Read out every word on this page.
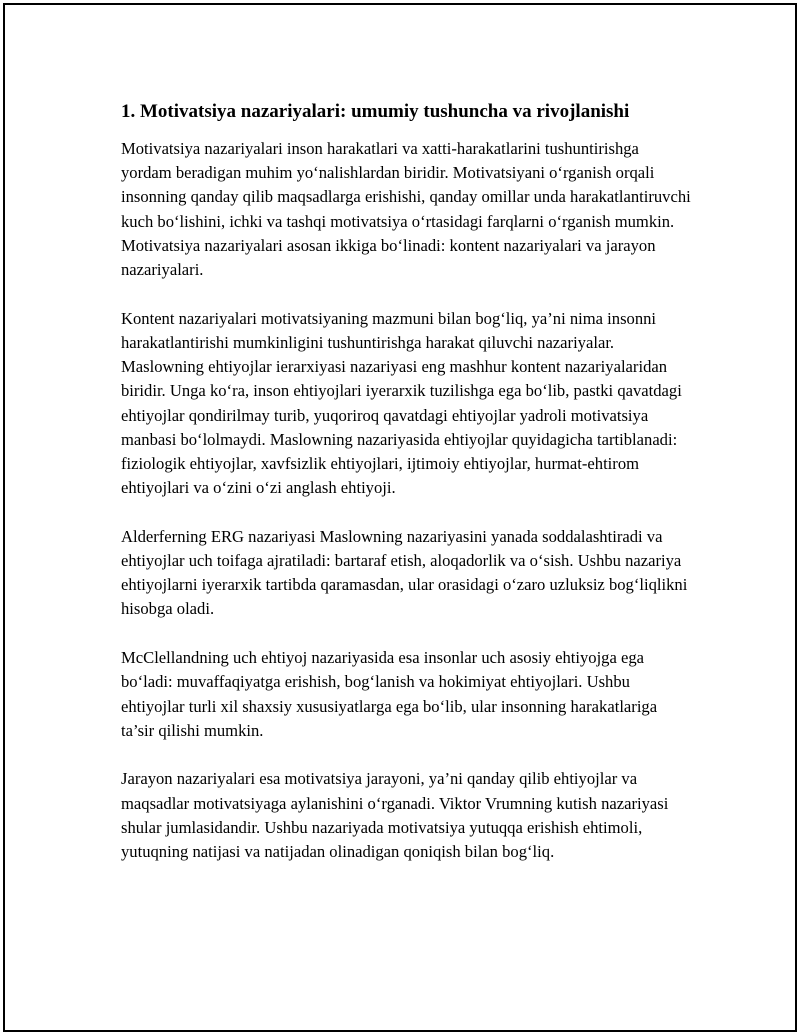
1. Motivatsiya nazariyalari: umumiy tushuncha va rivojlanishi

Motivatsiya nazariyalari inson harakatlari va xatti-harakatlarini tushuntirishga yordam beradigan muhim yo‘nalishlardan biridir. Motivatsiyani o‘rganish orqali insonning qanday qilib maqsadlarga erishishi, qanday omillar unda harakatlantiruvchi kuch bo‘lishini, ichki va tashqi motivatsiya o‘rtasidagi farqlarni o‘rganish mumkin. Motivatsiya nazariyalari asosan ikkiga bo‘linadi: kontent nazariyalari va jarayon nazariyalari.

Kontent nazariyalari motivatsiyaning mazmuni bilan bog‘liq, ya’ni nima insonni harakatlantirishi mumkinligini tushuntirishga harakat qiluvchi nazariyalar. Maslowning ehtiyojlar ierarxiyasi nazariyasi eng mashhur kontent nazariyalaridan biridir. Unga ko‘ra, inson ehtiyojlari iyerarxik tuzilishga ega bo‘lib, pastki qavatdagi ehtiyojlar qondirilmay turib, yuqoriroq qavatdagi ehtiyojlar yadroli motivatsiya manbasi bo‘lolmaydi. Maslowning nazariyasida ehtiyojlar quyidagicha tartiblanadi: fiziologik ehtiyojlar, xavfsizlik ehtiyojlari, ijtimoiy ehtiyojlar, hurmat-ehtirom ehtiyojlari va o‘zini o‘zi anglash ehtiyoji.

Alderferning ERG nazariyasi Maslowning nazariyasini yanada soddalashtiradi va ehtiyojlar uch toifaga ajratiladi: bartaraf etish, aloqadorlik va o‘sish. Ushbu nazariya ehtiyojlarni iyerarxik tartibda qaramasdan, ular orasidagi o‘zaro uzluksiz bog‘liqlikni hisobga oladi.

McClellandning uch ehtiyoj nazariyasida esa insonlar uch asosiy ehtiyojga ega bo‘ladi: muvaffaqiyatga erishish, bog‘lanish va hokimiyat ehtiyojlari. Ushbu ehtiyojlar turli xil shaxsiy xususiyatlarga ega bo‘lib, ular insonning harakatlariga ta’sir qilishi mumkin.

Jarayon nazariyalari esa motivatsiya jarayoni, ya’ni qanday qilib ehtiyojlar va maqsadlar motivatsiyaga aylanishini o‘rganadi. Viktor Vrumning kutish nazariyasi shular jumlasidandir. Ushbu nazariyada motivatsiya yutuqqa erishish ehtimoli, yutuqning natijasi va natijadan olinadigan qoniqish bilan bog‘liq.
